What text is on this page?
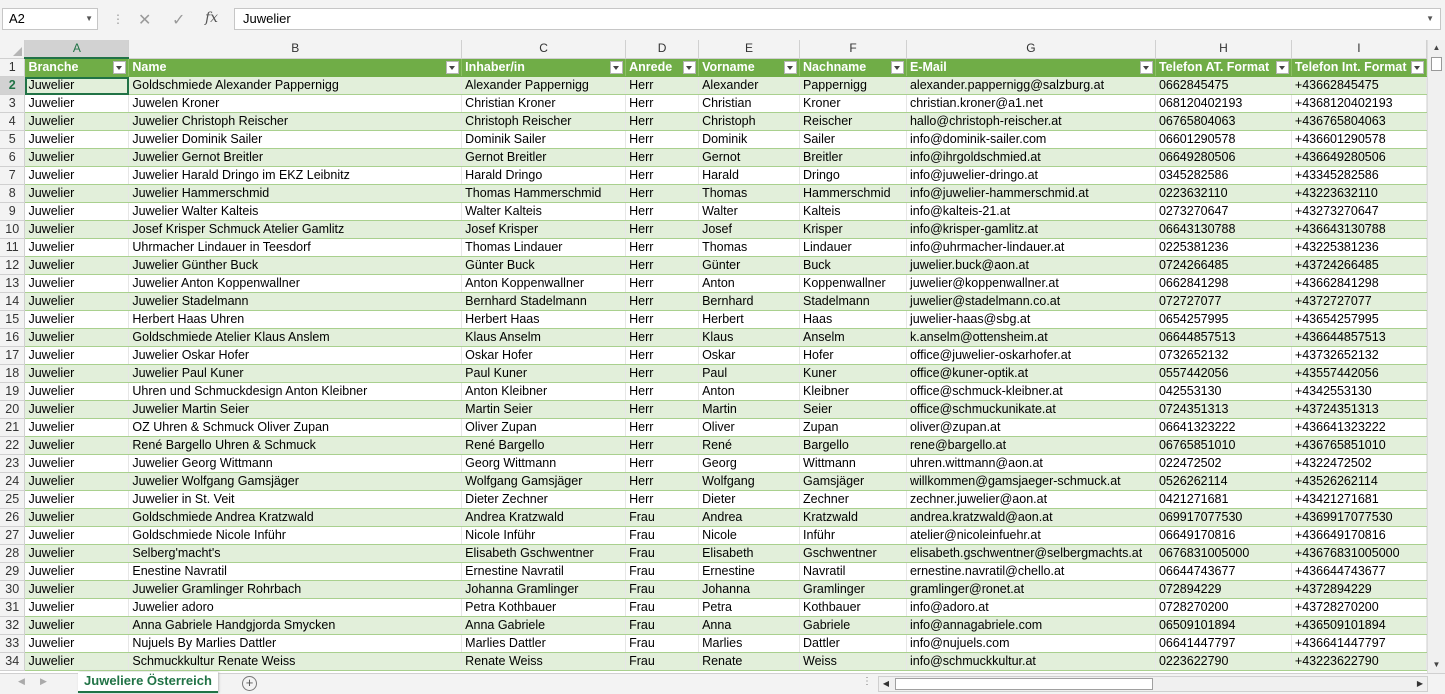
A2	▼ ⋮ ✕ ✓ fx	Juwelier	▼
	A	B	C	D	E	F	G	H	I
1	Branche	Name	Inhaber/in	Anrede	Vorname	Nachname	E-Mail	Telefon AT. Format	Telefon Int. Format

2	Juwelier	Goldschmiede Alexander Pappernigg	Alexander Pappernigg	Herr	Alexander	Pappernigg	alexander.pappernigg@salzburg.at	0662845475	+43662845475
3	Juwelier	Juwelen Kroner	Christian Kroner	Herr	Christian	Kroner	christian.kroner@a1.net	068120402193	+4368120402193
4	Juwelier	Juwelier Christoph Reischer	Christoph Reischer	Herr	Christoph	Reischer	hallo@christoph-reischer.at	06765804063	+436765804063
5	Juwelier	Juwelier Dominik Sailer	Dominik Sailer	Herr	Dominik	Sailer	info@dominik-sailer.com	06601290578	+436601290578
6	Juwelier	Juwelier Gernot Breitler	Gernot Breitler	Herr	Gernot	Breitler	info@ihrgoldschmied.at	06649280506	+436649280506
7	Juwelier	Juwelier Harald Dringo im EKZ Leibnitz	Harald Dringo	Herr	Harald	Dringo	info@juwelier-dringo.at	0345282586	+43345282586
8	Juwelier	Juwelier Hammerschmid	Thomas Hammerschmid	Herr	Thomas	Hammerschmid	info@juwelier-hammerschmid.at	0223632110	+43223632110
9	Juwelier	Juwelier Walter Kalteis	Walter Kalteis	Herr	Walter	Kalteis	info@kalteis-21.at	0273270647	+43273270647
10	Juwelier	Josef Krisper Schmuck Atelier Gamlitz	Josef Krisper	Herr	Josef	Krisper	info@krisper-gamlitz.at	06643130788	+436643130788
11	Juwelier	Uhrmacher Lindauer in Teesdorf	Thomas Lindauer	Herr	Thomas	Lindauer	info@uhrmacher-lindauer.at	0225381236	+43225381236
12	Juwelier	Juwelier Günther Buck	Günter Buck	Herr	Günter	Buck	juwelier.buck@aon.at	0724266485	+43724266485
13	Juwelier	Juwelier Anton Koppenwallner	Anton Koppenwallner	Herr	Anton	Koppenwallner	juwelier@koppenwallner.at	0662841298	+43662841298
14	Juwelier	Juwelier Stadelmann	Bernhard Stadelmann	Herr	Bernhard	Stadelmann	juwelier@stadelmann.co.at	072727077	+4372727077
15	Juwelier	Herbert Haas Uhren	Herbert Haas	Herr	Herbert	Haas	juwelier-haas@sbg.at	0654257995	+43654257995
16	Juwelier	Goldschmiede Atelier Klaus Anslem	Klaus Anselm	Herr	Klaus	Anselm	k.anselm@ottensheim.at	06644857513	+436644857513
17	Juwelier	Juwelier Oskar Hofer	Oskar Hofer	Herr	Oskar	Hofer	office@juwelier-oskarhofer.at	0732652132	+43732652132
18	Juwelier	Juwelier Paul Kuner	Paul Kuner	Herr	Paul	Kuner	office@kuner-optik.at	0557442056	+43557442056
19	Juwelier	Uhren und Schmuckdesign Anton Kleibner	Anton Kleibner	Herr	Anton	Kleibner	office@schmuck-kleibner.at	042553130	+4342553130
20	Juwelier	Juwelier Martin Seier	Martin Seier	Herr	Martin	Seier	office@schmuckunikate.at	0724351313	+43724351313
21	Juwelier	OZ Uhren & Schmuck Oliver Zupan	Oliver Zupan	Herr	Oliver	Zupan	oliver@zupan.at	06641323222	+436641323222
22	Juwelier	René Bargello Uhren & Schmuck	René Bargello	Herr	René	Bargello	rene@bargello.at	06765851010	+436765851010
23	Juwelier	Juwelier Georg Wittmann	Georg Wittmann	Herr	Georg	Wittmann	uhren.wittmann@aon.at	022472502	+4322472502
24	Juwelier	Juwelier Wolfgang Gamsjäger	Wolfgang Gamsjäger	Herr	Wolfgang	Gamsjäger	willkommen@gamsjaeger-schmuck.at	0526262114	+43526262114
25	Juwelier	Juwelier in St. Veit	Dieter Zechner	Herr	Dieter	Zechner	zechner.juwelier@aon.at	0421271681	+43421271681
26	Juwelier	Goldschmiede Andrea Kratzwald	Andrea Kratzwald	Frau	Andrea	Kratzwald	andrea.kratzwald@aon.at	069917077530	+4369917077530
27	Juwelier	Goldschmiede Nicole Inführ	Nicole Inführ	Frau	Nicole	Inführ	atelier@nicoleinfuehr.at	06649170816	+436649170816
28	Juwelier	Selberg'macht's	Elisabeth Gschwentner	Frau	Elisabeth	Gschwentner	elisabeth.gschwentner@selbergmachts.at	0676831005000	+43676831005000
29	Juwelier	Enestine Navratil	Ernestine Navratil	Frau	Ernestine	Navratil	ernestine.navratil@chello.at	06644743677	+436644743677
30	Juwelier	Juwelier Gramlinger Rohrbach	Johanna Gramlinger	Frau	Johanna	Gramlinger	gramlinger@ronet.at	072894229	+4372894229
31	Juwelier	Juwelier adoro	Petra Kothbauer	Frau	Petra	Kothbauer	info@adoro.at	0728270200	+43728270200
32	Juwelier	Anna Gabriele Handgjorda Smycken	Anna Gabriele	Frau	Anna	Gabriele	info@annagabriele.com	06509101894	+436509101894
33	Juwelier	Nujuels By Marlies Dattler	Marlies Dattler	Frau	Marlies	Dattler	info@nujuels.com	06641447797	+436641447797
34	Juwelier	Schmuckkultur Renate Weiss	Renate Weiss	Frau	Renate	Weiss	info@schmuckkultur.at	0223622790	+43223622790
▲
▼
◀ ▶	Juweliere Österreich	+	⋮	◀	▶
